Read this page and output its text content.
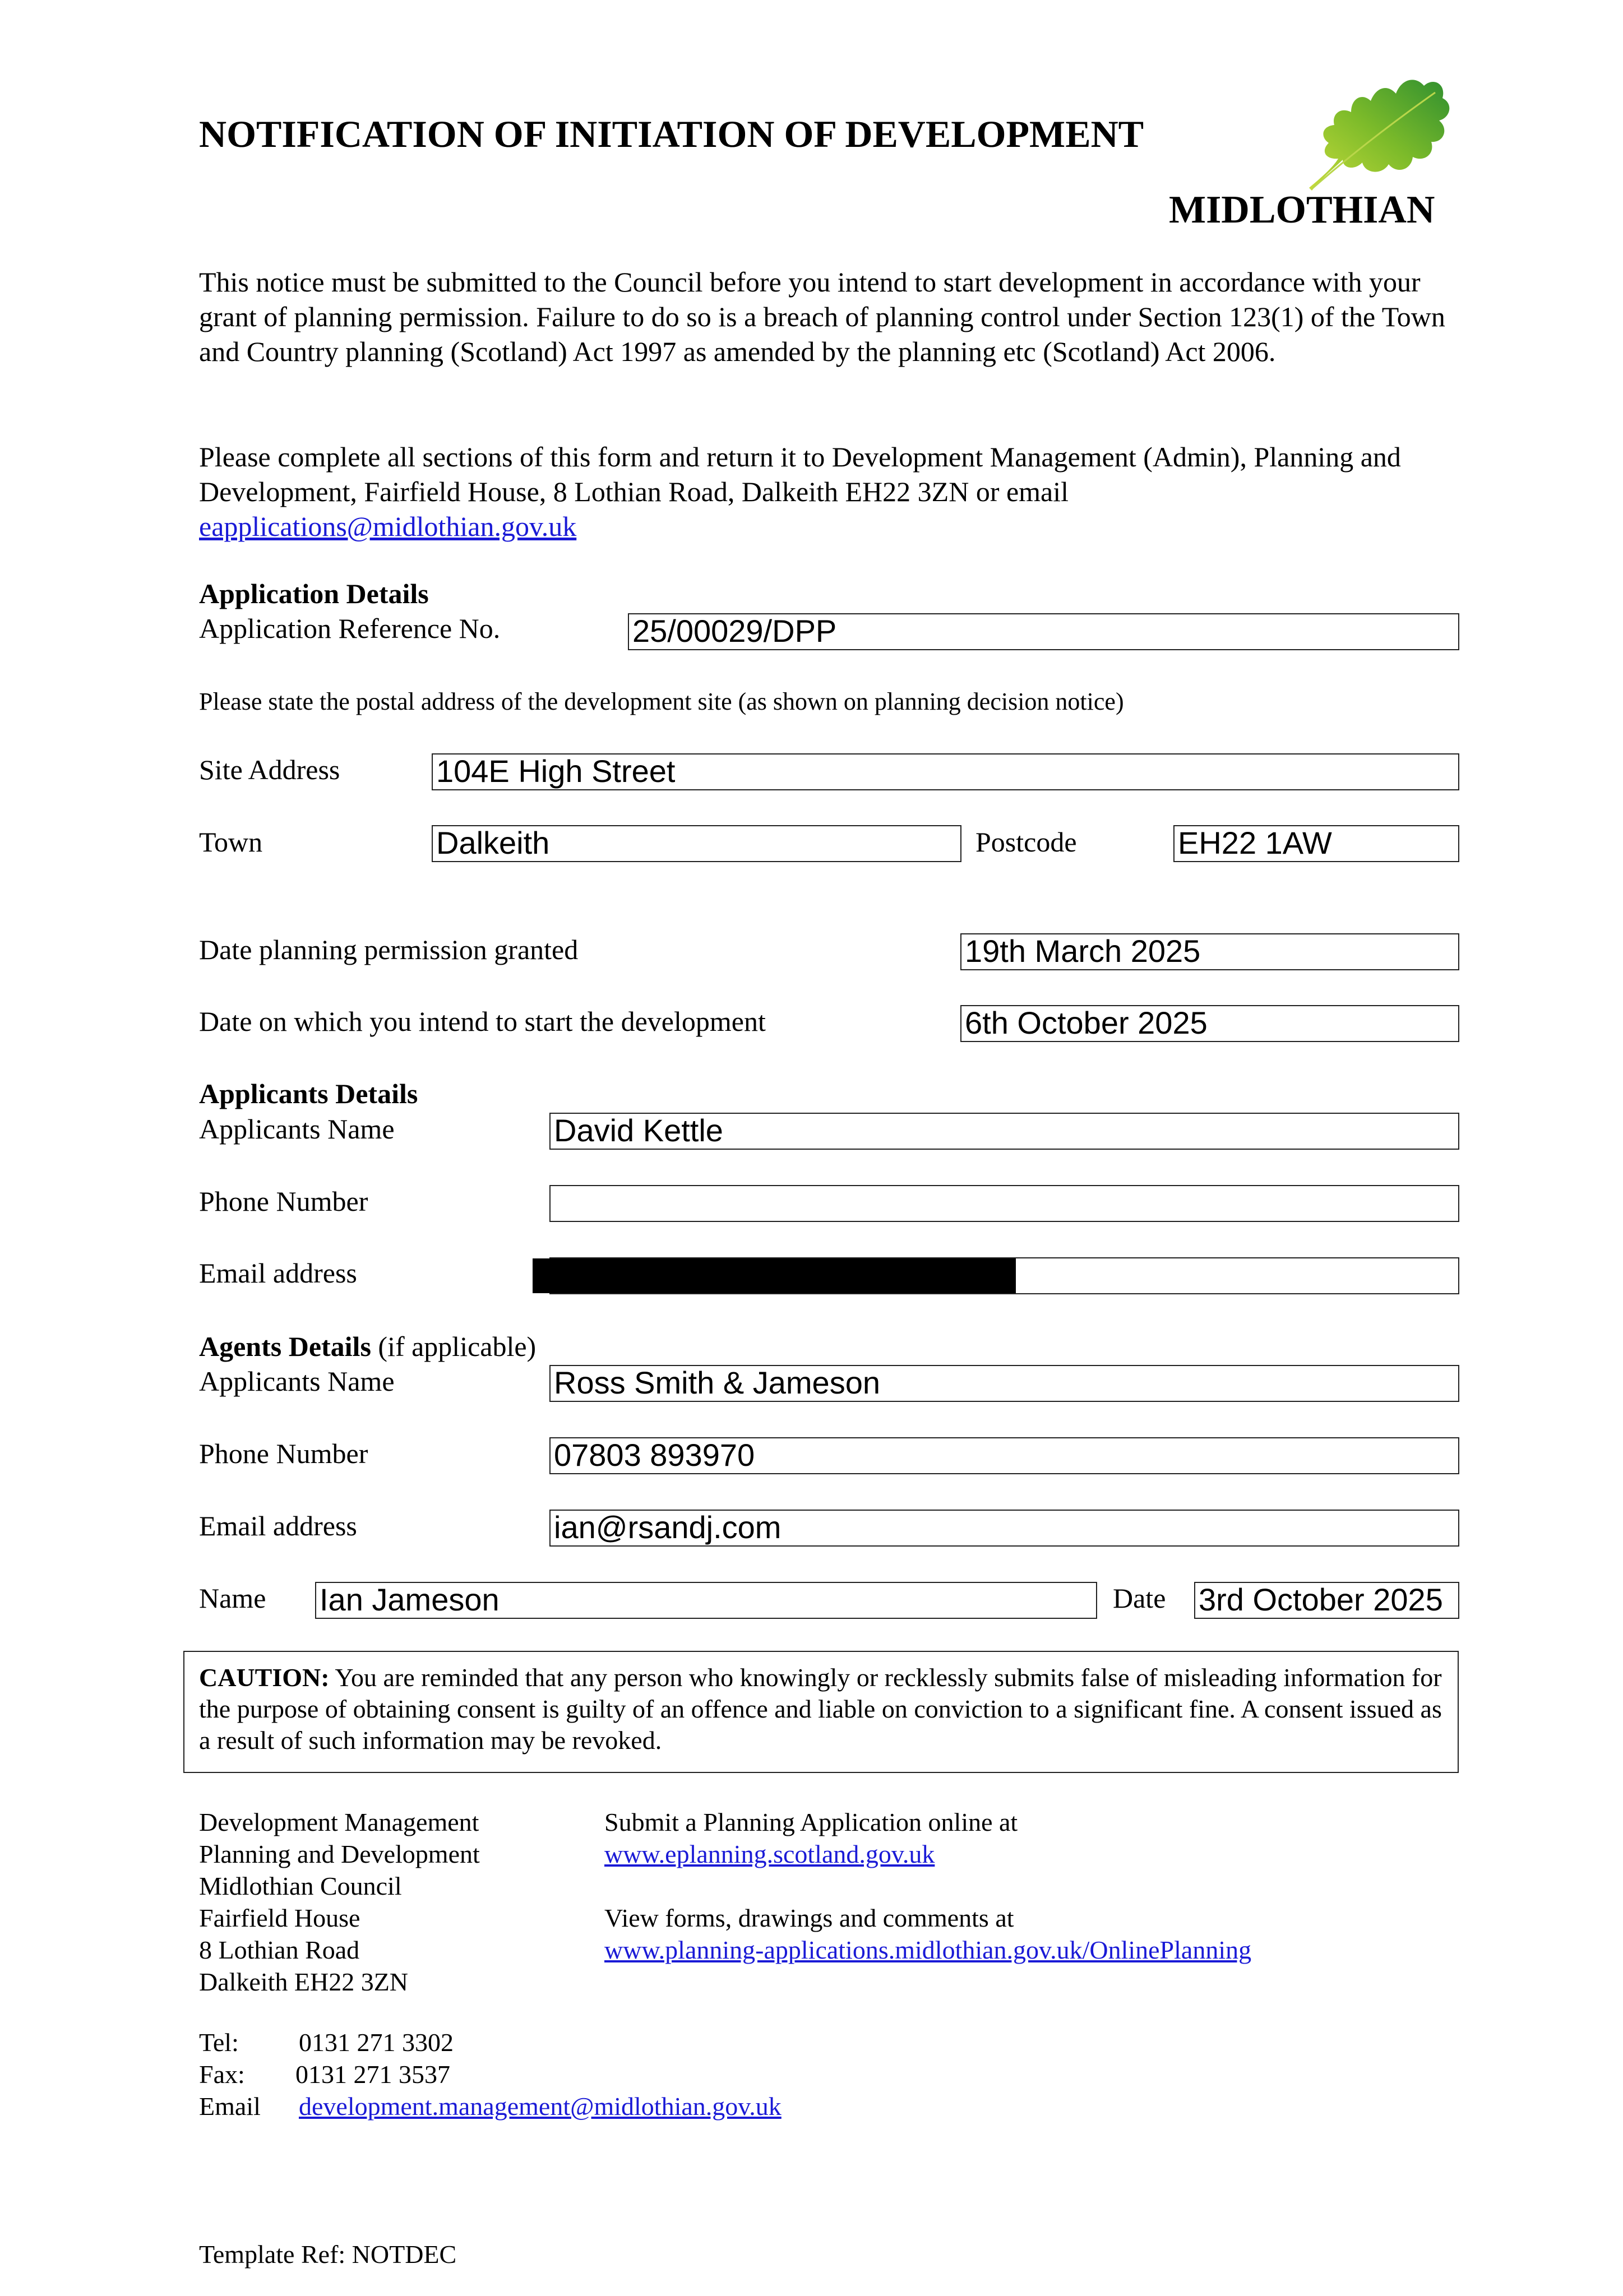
NOTIFICATION OF INITIATION OF DEVELOPMENT
MIDLOTHIAN

This notice must be submitted to the Council before you intend to start development in accordance with your grant of planning permission. Failure to do so is a breach of planning control under Section 123(1) of the Town and Country planning (Scotland) Act 1997 as amended by the planning etc (Scotland) Act 2006.

Please complete all sections of this form and return it to Development Management (Admin), Planning and Development, Fairfield House, 8 Lothian Road, Dalkeith EH22 3ZN or email
eapplications@midlothian.gov.uk

Application Details
Application Reference No.	25/00029/DPP
Please state the postal address of the development site (as shown on planning decision notice)
Site Address	104E High Street
Town	Dalkeith	Postcode	EH22 1AW
Date planning permission granted	19th March 2025
Date on which you intend to start the development	6th October 2025
Applicants Details
Applicants Name	David Kettle
Phone Number
Email address
Agents Details (if applicable)
Applicants Name	Ross Smith & Jameson
Phone Number	07803 893970
Email address	ian@rsandj.com
Name Ian Jameson	Date 3rd October 2025
CAUTION: You are reminded that any person who knowingly or recklessly submits false of misleading information for the purpose of obtaining consent is guilty of an offence and liable on conviction to a significant fine. A consent issued as a result of such information may be revoked.
Development Management
Planning and Development
Midlothian Council
Fairfield House
8 Lothian Road
Dalkeith EH22 3ZN
Submit a Planning Application online at
www.eplanning.scotland.gov.uk
View forms, drawings and comments at
www.planning-applications.midlothian.gov.uk/OnlinePlanning
Tel: 0131 271 3302
Fax: 0131 271 3537
Email development.management@midlothian.gov.uk
Template Ref: NOTDEC
